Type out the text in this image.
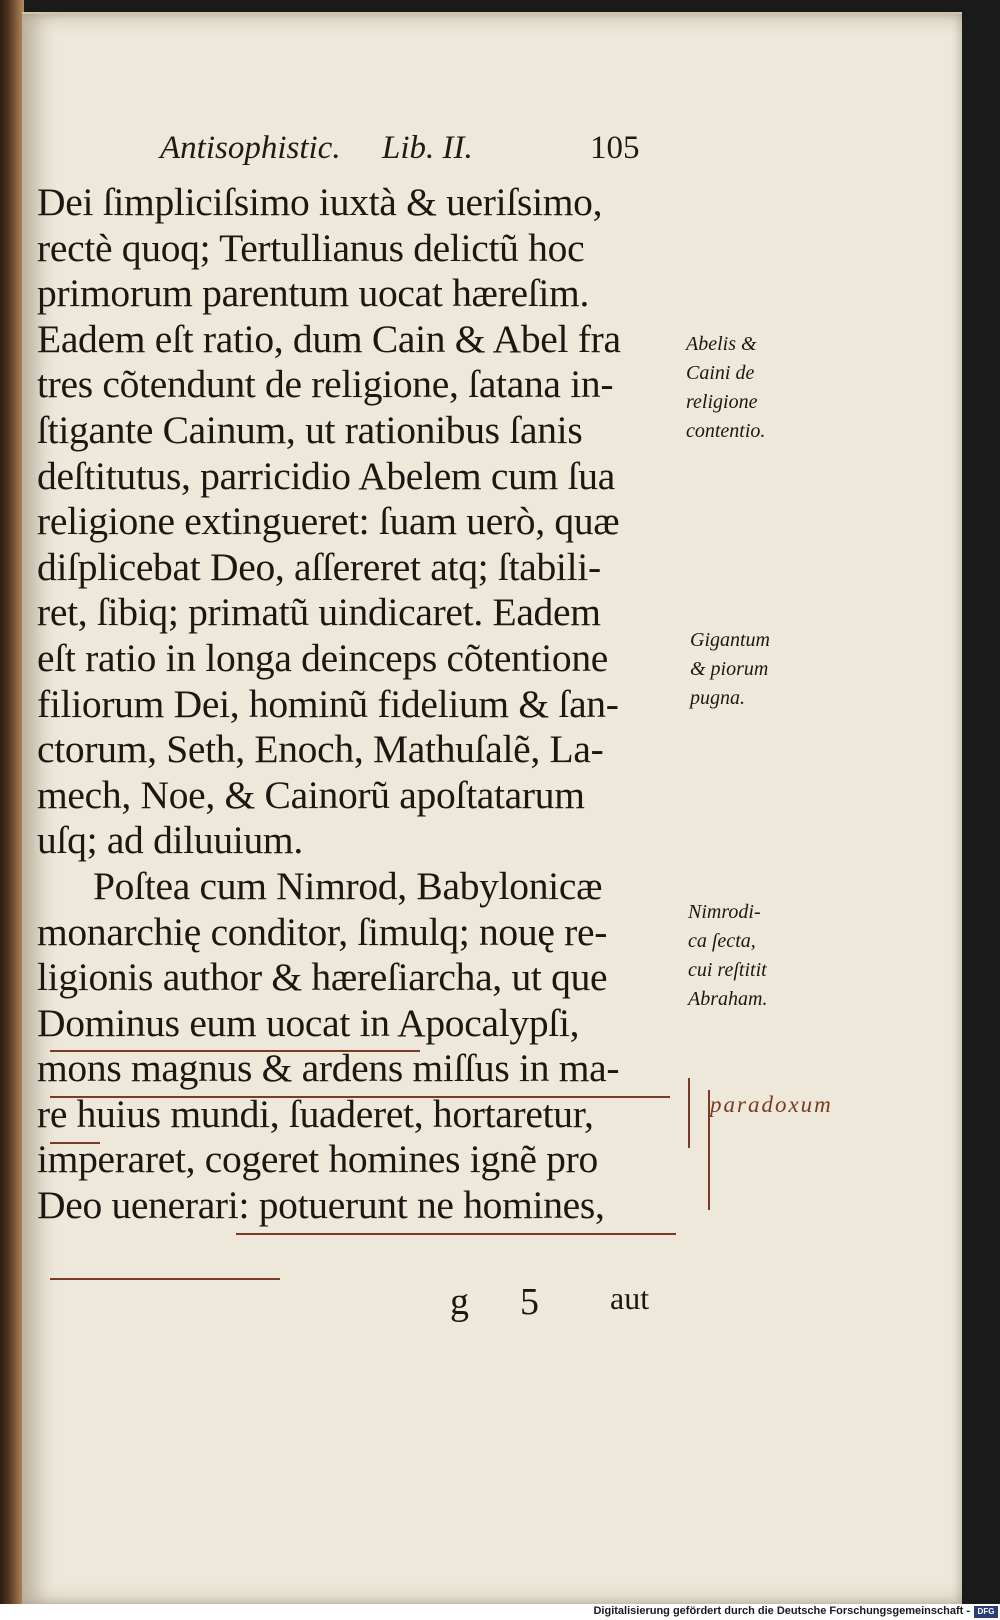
Antisophistic. Lib. II.	105
Dei ſimpliciſsimo iuxtà & ueriſsimo,
rectè quoq; Tertullianus delictũ hoc
primorum parentum uocat hæreſim.
Eadem eſt ratio, dum Cain & Abel fra
tres cõtendunt de religione, ſatana in-
ſtigante Cainum, ut rationibus ſanis
deſtitutus, parricidio Abelem cum ſua
religione extingueret: ſuam uerò, quæ
diſplicebat Deo, aſſereret atq; ſtabili-
ret, ſibiq; primatũ uindicaret. Eadem
eſt ratio in longa deinceps cõtentione
filiorum Dei, hominũ fidelium & ſan-
ctorum, Seth, Enoch, Mathuſalẽ, La-
mech, Noe, & Cainorũ apoſtatarum
uſq; ad diluuium.
Poſtea cum Nimrod, Babylonicæ
monarchię conditor, ſimulq; nouę re-
ligionis author & hæreſiarcha, ut que
Dominus eum uocat in Apocalypſi,
mons magnus & ardens miſſus in ma-
re huius mundi, ſuaderet, hortaretur,
imperaret, cogeret homines ignẽ pro
Deo uenerari: potuerunt ne homines,
Abelis &
Caini de
religione
contentio.
Gigantum
& piorum
pugna.
Nimrodi-
ca ſecta,
cui reſtitit
Abraham.
paradoxum
g 5 aut
Digitalisierung gefördert durch die Deutsche Forschungsgemeinschaft - DFG
